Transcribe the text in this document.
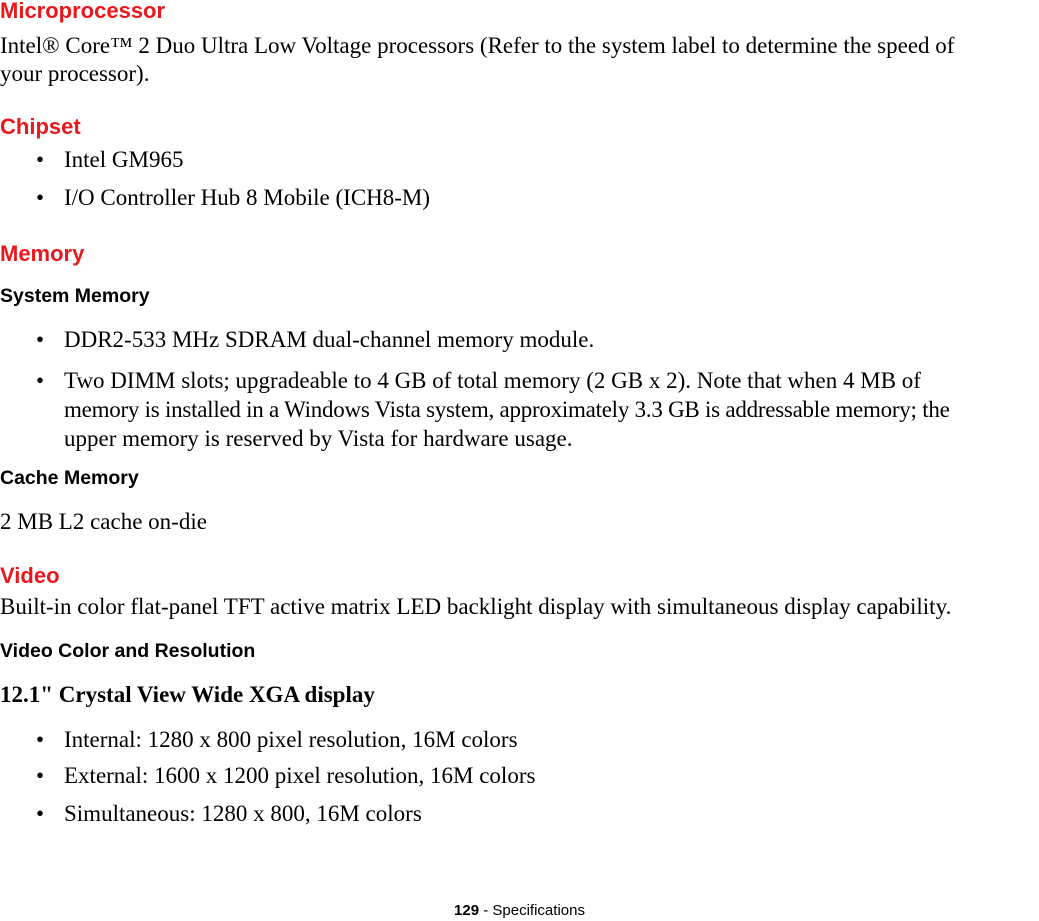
Microprocessor
Intel® Core™ 2 Duo Ultra Low Voltage processors (Refer to the system label to determine the speed of
your processor).
Chipset
• Intel GM965
• I/O Controller Hub 8 Mobile (ICH8-M)
Memory
System Memory
• DDR2-533 MHz SDRAM dual-channel memory module.
• Two DIMM slots; upgradeable to 4 GB of total memory (2 GB x 2). Note that when 4 MB of
memory is installed in a Windows Vista system, approximately 3.3 GB is addressable memory; the
upper memory is reserved by Vista for hardware usage.
Cache Memory
2 MB L2 cache on-die
Video
Built-in color flat-panel TFT active matrix LED backlight display with simultaneous display capability.
Video Color and Resolution
12.1" Crystal View Wide XGA display
• Internal: 1280 x 800 pixel resolution, 16M colors
• External: 1600 x 1200 pixel resolution, 16M colors
• Simultaneous: 1280 x 800, 16M colors
129 - Specifications
